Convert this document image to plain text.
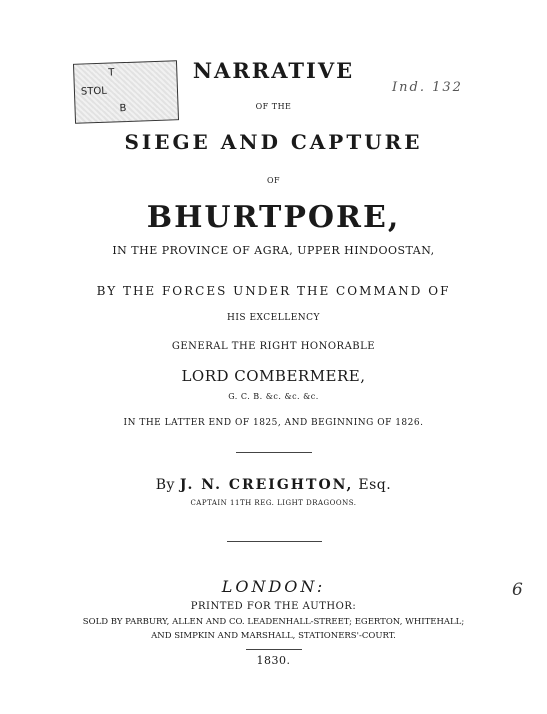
T
STOL
B
Ind. 132
NARRATIVE
OF THE
SIEGE AND CAPTURE
OF
BHURTPORE,
IN THE PROVINCE OF AGRA, UPPER HINDOOSTAN,
BY THE FORCES UNDER THE COMMAND OF
HIS EXCELLENCY
GENERAL THE RIGHT HONORABLE
LORD COMBERMERE,
G. C. B. &c. &c. &c.
IN THE LATTER END OF 1825, AND BEGINNING OF 1826.
By J. N. CREIGHTON, Esq.
CAPTAIN 11TH REG. LIGHT DRAGOONS.
LONDON:	6
PRINTED FOR THE AUTHOR:
SOLD BY PARBURY, ALLEN AND CO. LEADENHALL-STREET; EGERTON, WHITEHALL;
AND SIMPKIN AND MARSHALL, STATIONERS'-COURT.
1830.
